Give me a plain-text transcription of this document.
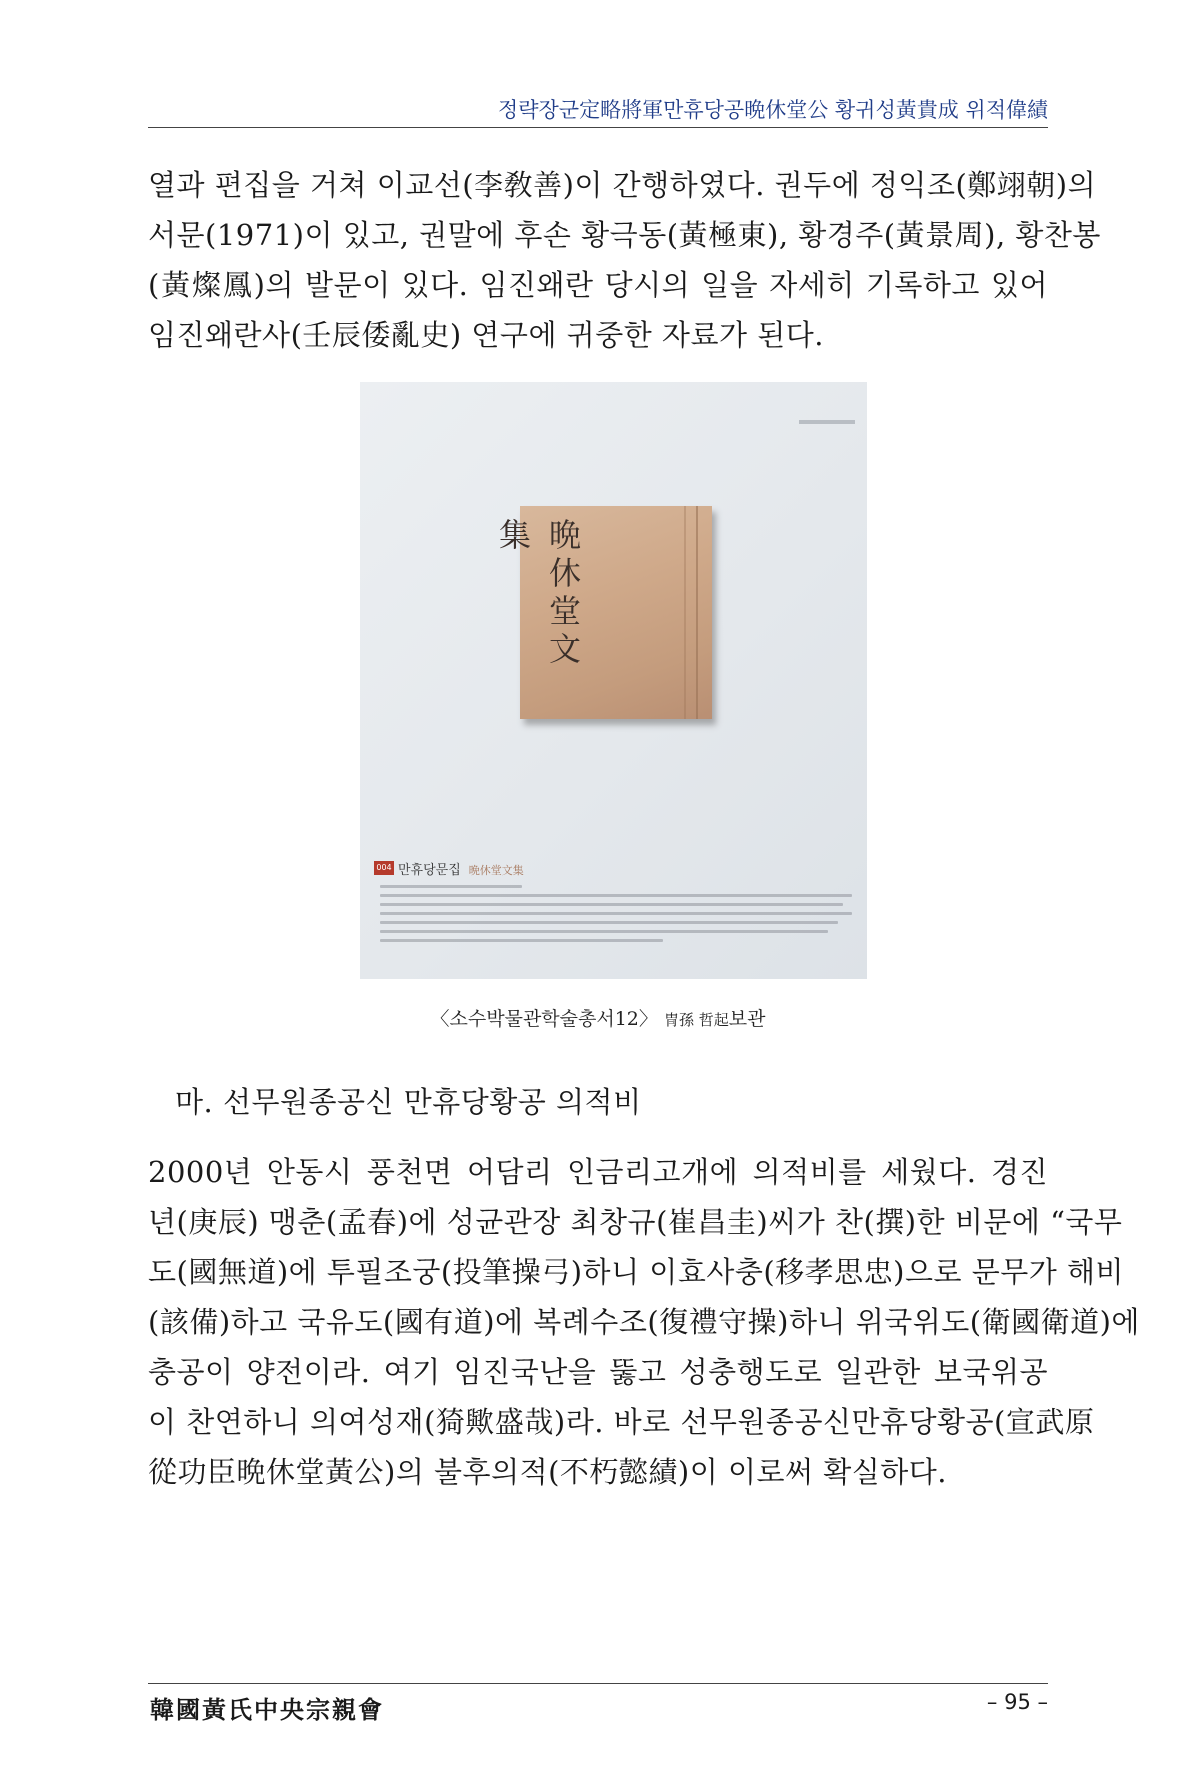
정략장군定略將軍만휴당공晩休堂公 황귀성黃貴成 위적偉績
열과 편집을 거쳐 이교선(李敎善)이 간행하였다. 권두에 정익조(鄭翊朝)의
서문(1971)이 있고, 권말에 후손 황극동(黃極東), 황경주(黃景周), 황찬봉
(黃燦鳳)의 발문이 있다. 임진왜란 당시의 일을 자세히 기록하고 있어
임진왜란사(壬辰倭亂史) 연구에 귀중한 자료가 된다.
晩休堂文集
004 만휴당문집 晩休堂文集
〈소수박물관학술총서12〉 冑孫 哲起보관
마. 선무원종공신 만휴당황공 의적비
2000년 안동시 풍천면 어담리 인금리고개에 의적비를 세웠다. 경진
년(庚辰) 맹춘(孟春)에 성균관장 최창규(崔昌圭)씨가 찬(撰)한 비문에 “국무
도(國無道)에 투필조궁(投筆操弓)하니 이효사충(移孝思忠)으로 문무가 해비
(該備)하고 국유도(國有道)에 복례수조(復禮守操)하니 위국위도(衛國衛道)에
충공이 양전이라. 여기 임진국난을 뚫고 성충행도로 일관한 보국위공
이 찬연하니 의여성재(猗歟盛哉)라. 바로 선무원종공신만휴당황공(宣武原
從功臣晩休堂黃公)의 불후의적(不朽懿績)이 이로써 확실하다.
韓國黃氏中央宗親會	– 95 –
